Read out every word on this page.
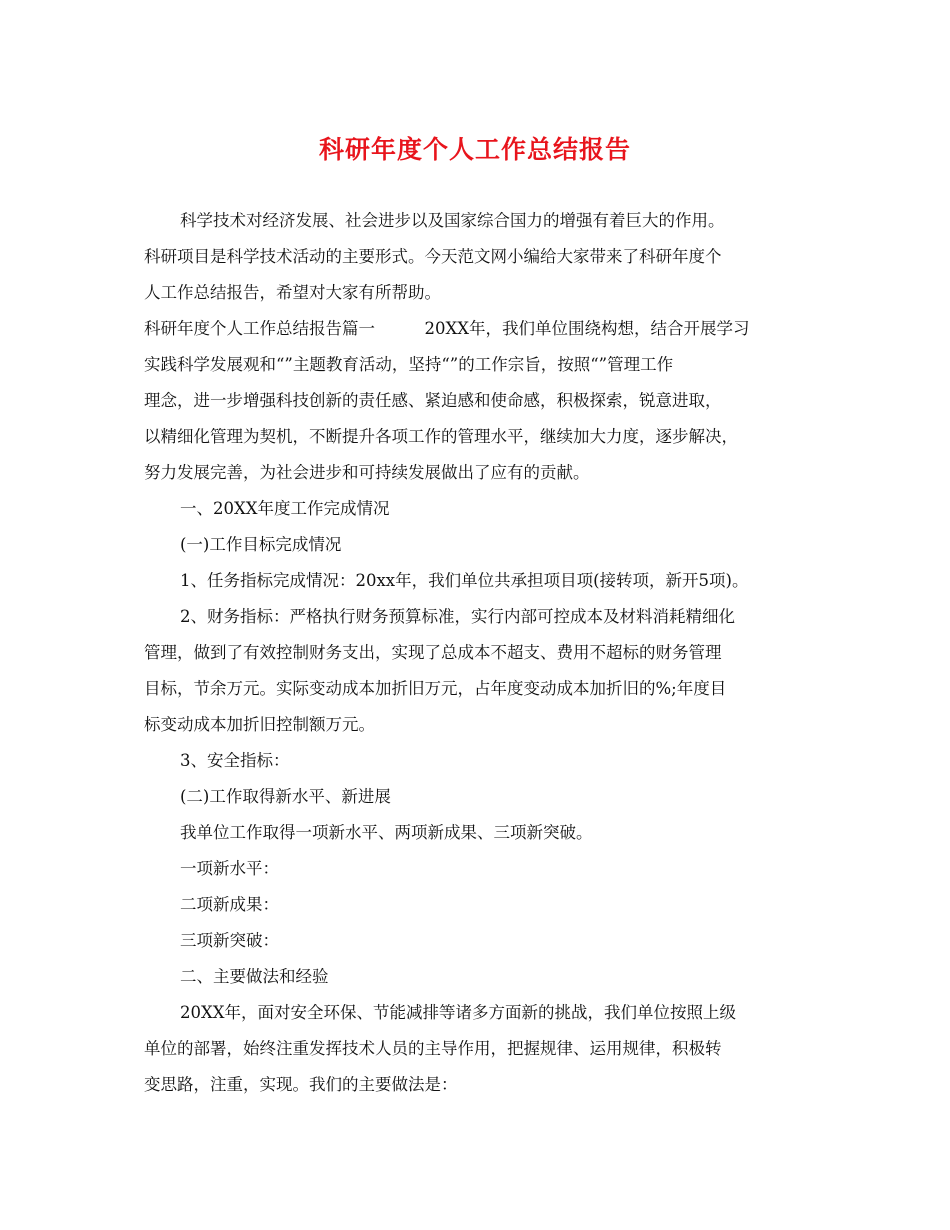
科研年度个人工作总结报告
科学技术对经济发展、社会进步以及国家综合国力的增强有着巨大的作用。
科研项目是科学技术活动的主要形式。今天范文网小编给大家带来了科研年度个
人工作总结报告，希望对大家有所帮助。
科研年度个人工作总结报告篇一　　　20XX年，我们单位围绕构想，结合开展学习
实践科学发展观和“”主题教育活动，坚持“”的工作宗旨，按照“”管理工作
理念，进一步增强科技创新的责任感、紧迫感和使命感，积极探索，锐意进取，
以精细化管理为契机，不断提升各项工作的管理水平，继续加大力度，逐步解决，
努力发展完善，为社会进步和可持续发展做出了应有的贡献。
一、20XX年度工作完成情况
(一)工作目标完成情况
1、任务指标完成情况：20xx年，我们单位共承担项目项(接转项，新开5项)。
2、财务指标：严格执行财务预算标准，实行内部可控成本及材料消耗精细化
管理，做到了有效控制财务支出，实现了总成本不超支、费用不超标的财务管理
目标，节余万元。实际变动成本加折旧万元，占年度变动成本加折旧的%;年度目
标变动成本加折旧控制额万元。
3、安全指标：
(二)工作取得新水平、新进展
我单位工作取得一项新水平、两项新成果、三项新突破。
一项新水平：
二项新成果：
三项新突破：
二、主要做法和经验
20XX年，面对安全环保、节能减排等诸多方面新的挑战，我们单位按照上级
单位的部署，始终注重发挥技术人员的主导作用，把握规律、运用规律，积极转
变思路，注重，实现。我们的主要做法是：
